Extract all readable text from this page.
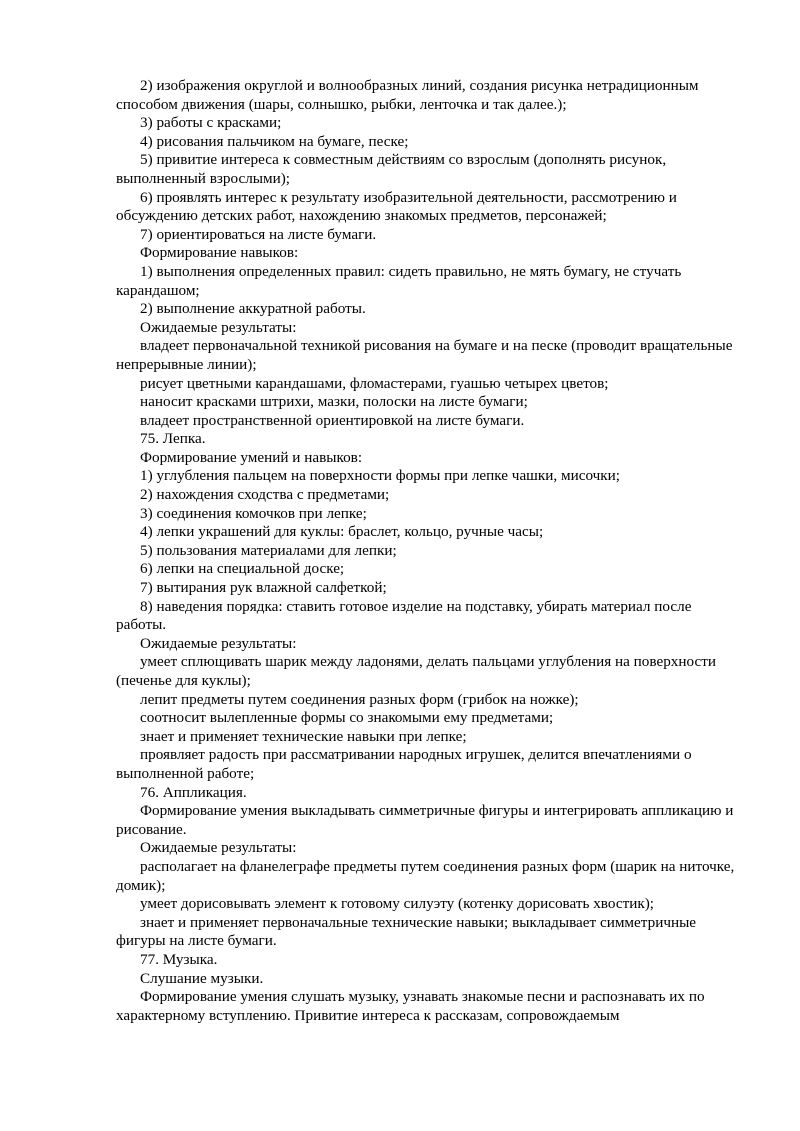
2) изображения округлой и волнообразных линий, создания рисунка нетрадиционным способом движения (шары, солнышко, рыбки, ленточка и так далее.);

3) работы с красками;

4) рисования пальчиком на бумаге, песке;

5) привитие интереса к совместным действиям со взрослым (дополнять рисунок, выполненный взрослыми);

6) проявлять интерес к результату изобразительной деятельности, рассмотрению и обсуждению детских работ, нахождению знакомых предметов, персонажей;

7) ориентироваться на листе бумаги.

Формирование навыков:

1) выполнения определенных правил: сидеть правильно, не мять бумагу, не стучать карандашом;

2) выполнение аккуратной работы.

Ожидаемые результаты:

владеет первоначальной техникой рисования на бумаге и на песке (проводит вращательные непрерывные линии);

рисует цветными карандашами, фломастерами, гуашью четырех цветов;

наносит красками штрихи, мазки, полоски на листе бумаги;

владеет пространственной ориентировкой на листе бумаги.

75. Лепка.

Формирование умений и навыков:

1) углубления пальцем на поверхности формы при лепке чашки, мисочки;

2) нахождения сходства с предметами;

3) соединения комочков при лепке;

4) лепки украшений для куклы: браслет, кольцо, ручные часы;

5) пользования материалами для лепки;

6) лепки на специальной доске;

7) вытирания рук влажной салфеткой;

8) наведения порядка: ставить готовое изделие на подставку, убирать материал после работы.

Ожидаемые результаты:

умеет сплющивать шарик между ладонями, делать пальцами углубления на поверхности (печенье для куклы);

лепит предметы путем соединения разных форм (грибок на ножке);

соотносит вылепленные формы со знакомыми ему предметами;

знает и применяет технические навыки при лепке;

проявляет радость при рассматривании народных игрушек, делится впечатлениями о выполненной работе;

76. Аппликация.

Формирование умения выкладывать симметричные фигуры и интегрировать аппликацию и рисование.

Ожидаемые результаты:

располагает на фланелеграфе предметы путем соединения разных форм (шарик на ниточке, домик);

умеет дорисовывать элемент к готовому силуэту (котенку дорисовать хвостик);

знает и применяет первоначальные технические навыки; выкладывает симметричные фигуры на листе бумаги.

77. Музыка.

Слушание музыки.

Формирование умения слушать музыку, узнавать знакомые песни и распознавать их по характерному вступлению. Привитие интереса к рассказам, сопровождаемым
